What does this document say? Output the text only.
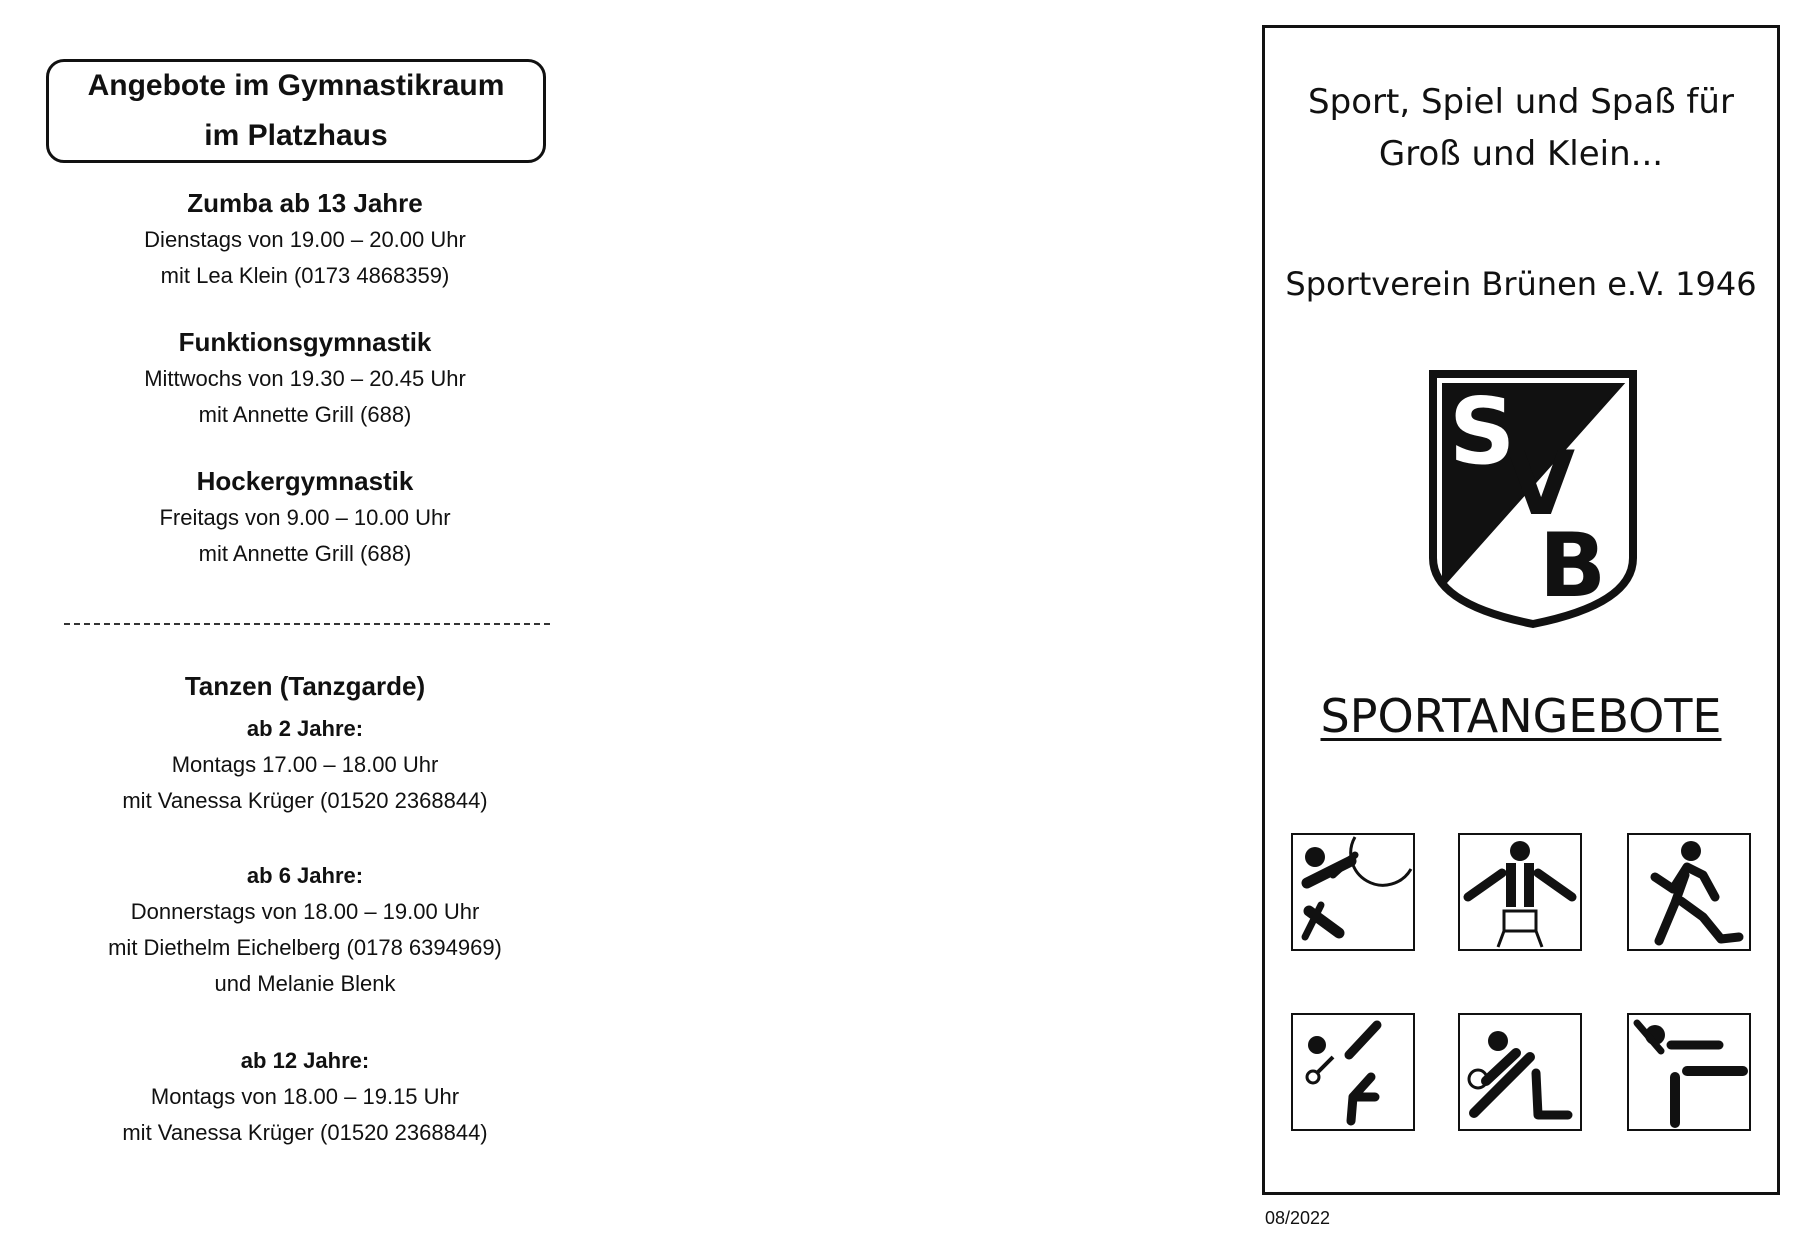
Angebote im Gymnastikraum
im Platzhaus
Zumba ab 13 Jahre
Dienstags von 19.00 – 20.00 Uhr
mit Lea Klein (0173 4868359)
Funktionsgymnastik
Mittwochs von 19.30 – 20.45 Uhr
mit Annette Grill (688)
Hockergymnastik
Freitags von 9.00 – 10.00 Uhr
mit Annette Grill (688)
Tanzen (Tanzgarde)
ab 2 Jahre:
Montags 17.00 – 18.00 Uhr
mit Vanessa Krüger (01520 2368844)
ab 6 Jahre:
Donnerstags von 18.00 – 19.00 Uhr
mit Diethelm Eichelberg (0178 6394969)
und Melanie Blenk
ab 12 Jahre:
Montags von 18.00 – 19.15 Uhr
mit Vanessa Krüger (01520 2368844)
Sport, Spiel und Spaß für
Groß und Klein...
Sportverein Brünen e.V. 1946
S
V
B
SPORTANGEBOTE
08/2022
